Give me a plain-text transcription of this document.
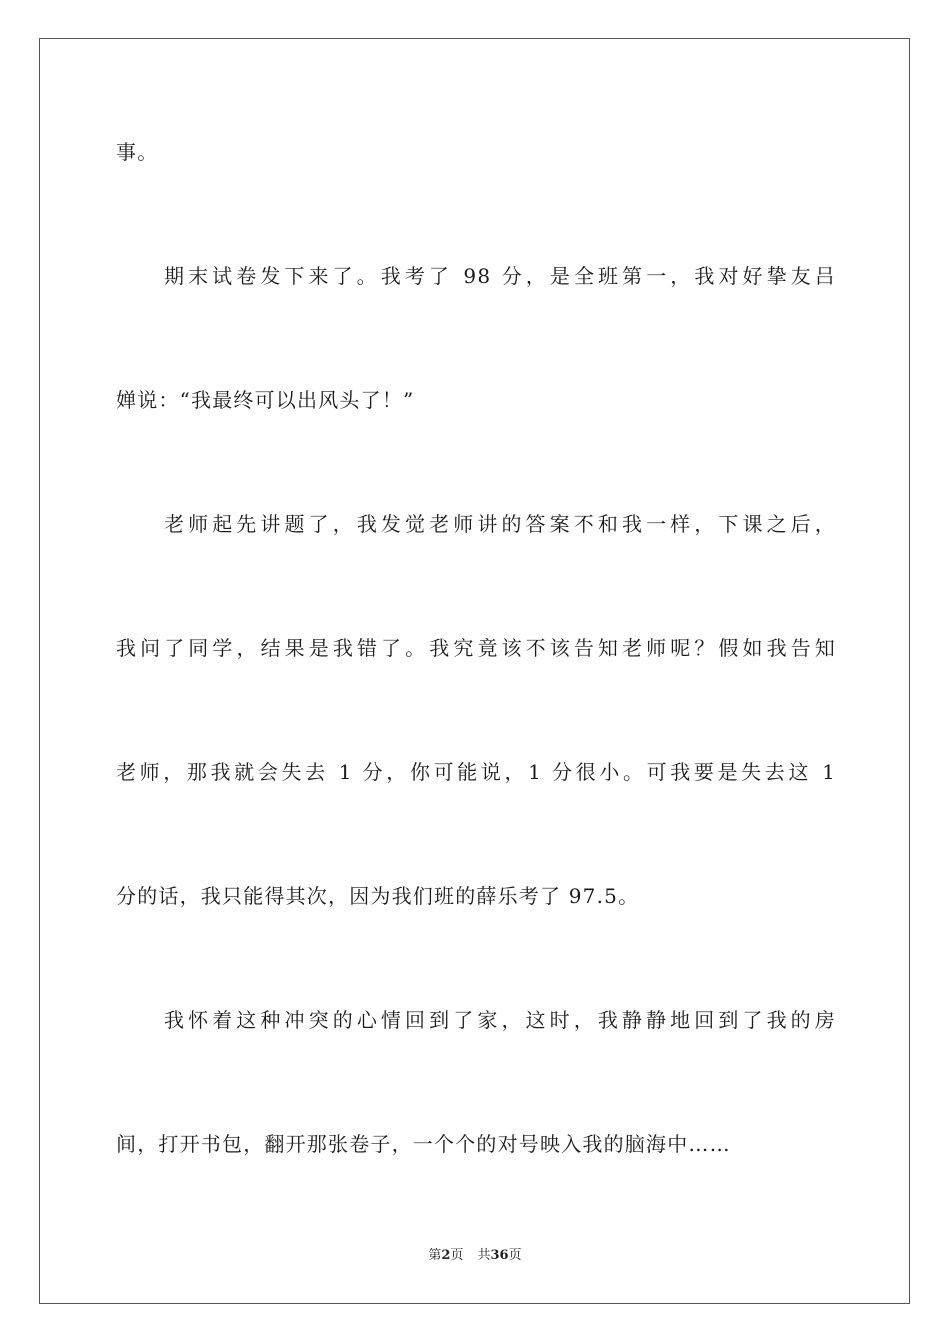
事。
期末试卷发下来了。我考了 98 分，是全班第一，我对好挚友吕
婵说：“我最终可以出风头了！”
老师起先讲题了，我发觉老师讲的答案不和我一样，下课之后，
我问了同学，结果是我错了。我究竟该不该告知老师呢？假如我告知
老师，那我就会失去 1 分，你可能说，1 分很小。可我要是失去这 1
分的话，我只能得其次，因为我们班的薛乐考了 97.5。
我怀着这种冲突的心情回到了家，这时，我静静地回到了我的房
间，打开书包，翻开那张卷子，一个个的对号映入我的脑海中……
第2页 共36页
